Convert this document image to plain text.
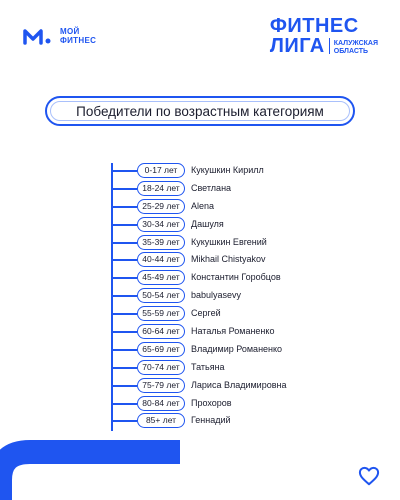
МОЙ
ФИТНЕС
ФИТНЕС
ЛИГА КАЛУЖСКАЯ
ОБЛАСТЬ
Победители по возрастным категориям
0-17 лет	Кукушкин Кирилл
18-24 лет	Светлана
25-29 лет	Alena
30-34 лет	Дашуля
35-39 лет	Кукушкин Евгений
40-44 лет	Mikhail Chistyakov
45-49 лет	Константин Горобцов
50-54 лет	babulyasevy
55-59 лет	Сергей
60-64 лет	Наталья Романенко
65-69 лет	Владимир Романенко
70-74 лет	Татьяна
75-79 лет	Лариса Владимировна
80-84 лет	Прохоров
85+ лет	Геннадий
